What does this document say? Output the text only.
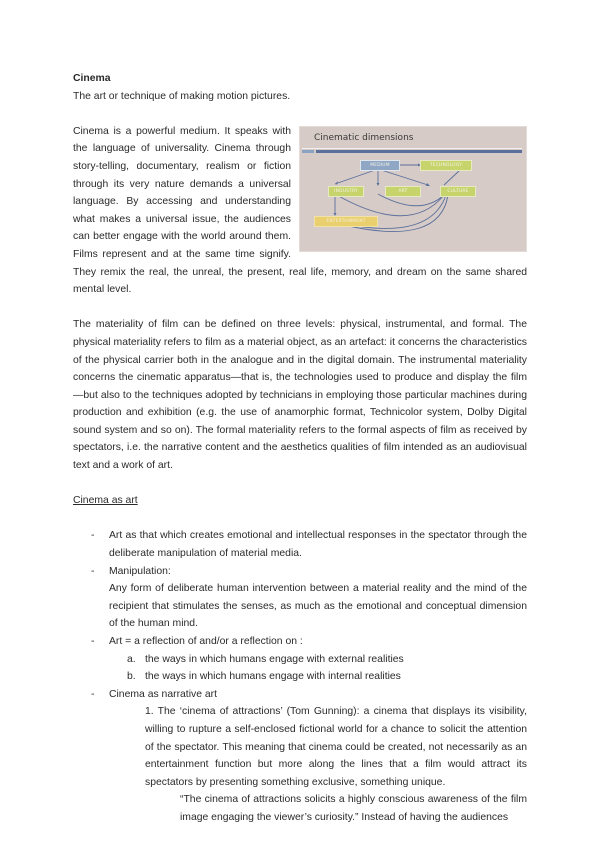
Cinema

The art or technique of making motion pictures.

Cinematic dimensions
MEDIUM	TECHNOLOGY
INDUSTRY	ART	CULTURE
ENTERTAINMENT

Cinema is a powerful medium. It speaks with the language of universality. Cinema through story-telling, documentary, realism or fiction through its very nature demands a universal language. By accessing and understanding what makes a universal issue, the audiences can better engage with the world around them. Films represent and at the same time signify. They remix the real, the unreal, the present, real life, memory, and dream on the same shared mental level.

The materiality of film can be defined on three levels: physical, instrumental, and formal. The physical materiality refers to film as a material object, as an artefact: it concerns the characteristics of the physical carrier both in the analogue and in the digital domain. The instrumental materiality concerns the cinematic apparatus—that is, the technologies used to produce and display the film—but also to the techniques adopted by technicians in employing those particular machines during production and exhibition (e.g. the use of anamorphic format, Technicolor system, Dolby Digital sound system and so on). The formal materiality refers to the formal aspects of film as received by spectators, i.e. the narrative content and the aesthetics qualities of film intended as an audiovisual text and a work of art.

Cinema as art

- Art as that which creates emotional and intellectual responses in the spectator through the deliberate manipulation of material media.
- Manipulation:
Any form of deliberate human intervention between a material reality and the mind of the recipient that stimulates the senses, as much as the emotional and conceptual dimension of the human mind.
- Art = a reflection of and/or a reflection on :
a. the ways in which humans engage with external realities
b. the ways in which humans engage with internal realities
- Cinema as narrative art
1. The ‘cinema of attractions’ (Tom Gunning): a cinema that displays its visibility, willing to rupture a self-enclosed fictional world for a chance to solicit the attention of the spectator. This meaning that cinema could be created, not necessarily as an entertainment function but more along the lines that a film would attract its spectators by presenting something exclusive, something unique.
“The cinema of attractions solicits a highly conscious awareness of the film image engaging the viewer’s curiosity.” Instead of having the audiences
